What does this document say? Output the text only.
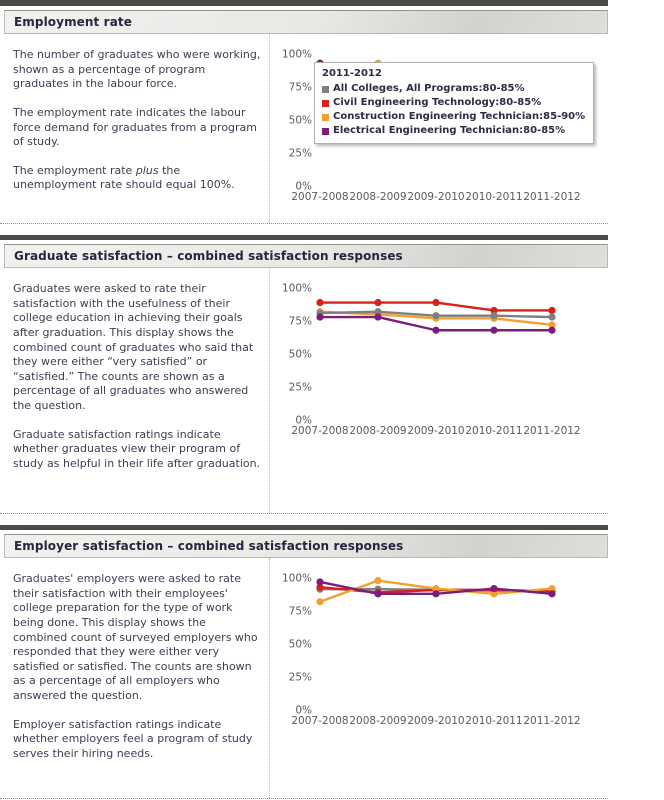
Employment rate

The number of graduates who were working, shown as a percentage of program graduates in the labour force.

The employment rate indicates the labour force demand for graduates from a program of study.

The employment rate plus the unemployment rate should equal 100%.	0%
25%
50%
75%
100%
2007-2008 2008-2009 2009-2010 2010-2011 2011-2012
2011-2012
All Colleges, All Programs:80-85%
Civil Engineering Technology:80-85%
Construction Engineering Technician:85-90%
Electrical Engineering Technician:80-85%
Graduate satisfaction – combined satisfaction responses

Graduates were asked to rate their satisfaction with the usefulness of their college education in achieving their goals after graduation. This display shows the combined count of graduates who said that they were either “very satisfied” or “satisfied.” The counts are shown as a percentage of all graduates who answered the question.

Graduate satisfaction ratings indicate whether graduates view their program of study as helpful in their life after graduation.

0%
25%
50%
75%
100%
2007-2008 2008-2009 2009-2010 2010-2011 2011-2012
Employer satisfaction – combined satisfaction responses

Graduates' employers were asked to rate their satisfaction with their employees' college preparation for the type of work being done. This display shows the combined count of surveyed employers who responded that they were either very satisfied or satisfied. The counts are shown as a percentage of all employers who answered the question.

Employer satisfaction ratings indicate whether employers feel a program of study serves their hiring needs.

0%
25%
50%
75%
100%
2007-2008 2008-2009 2009-2010 2010-2011 2011-2012
